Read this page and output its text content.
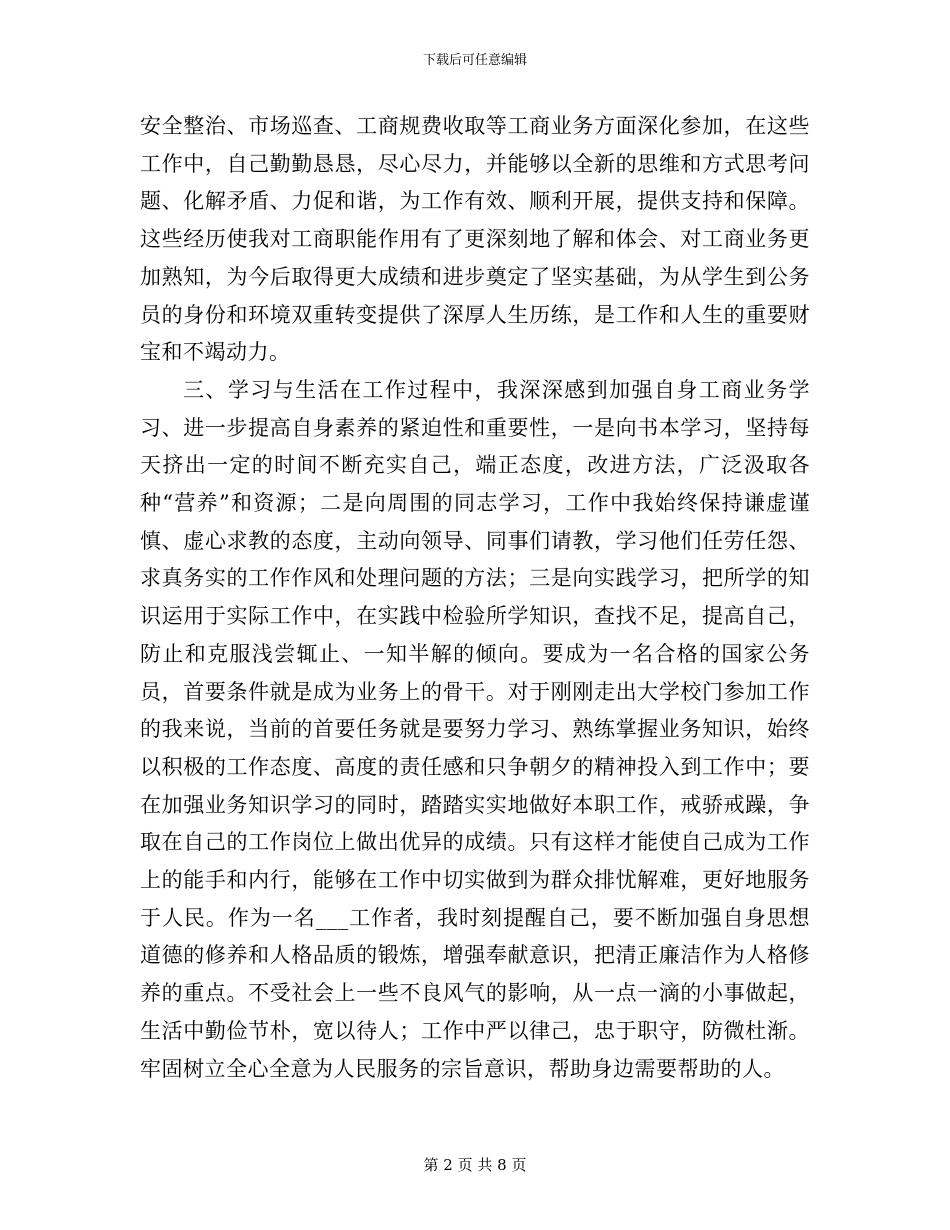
下载后可任意编辑

安全整治、市场巡查、工商规费收取等工商业务方面深化参加，在这些工作中，自己勤勤恳恳，尽心尽力，并能够以全新的思维和方式思考问题、化解矛盾、力促和谐，为工作有效、顺利开展，提供支持和保障。这些经历使我对工商职能作用有了更深刻地了解和体会、对工商业务更加熟知，为今后取得更大成绩和进步奠定了坚实基础，为从学生到公务员的身份和环境双重转变提供了深厚人生历练，是工作和人生的重要财宝和不竭动力。

三、学习与生活在工作过程中，我深深感到加强自身工商业务学习、进一步提高自身素养的紧迫性和重要性，一是向书本学习，坚持每天挤出一定的时间不断充实自己，端正态度，改进方法，广泛汲取各种“营养”和资源；二是向周围的同志学习，工作中我始终保持谦虚谨慎、虚心求教的态度，主动向领导、同事们请教，学习他们任劳任怨、求真务实的工作作风和处理问题的方法；三是向实践学习，把所学的知识运用于实际工作中，在实践中检验所学知识，查找不足，提高自己，防止和克服浅尝辄止、一知半解的倾向。要成为一名合格的国家公务员，首要条件就是成为业务上的骨干。对于刚刚走出大学校门参加工作的我来说，当前的首要任务就是要努力学习、熟练掌握业务知识，始终以积极的工作态度、高度的责任感和只争朝夕的精神投入到工作中；要在加强业务知识学习的同时，踏踏实实地做好本职工作，戒骄戒躁，争取在自己的工作岗位上做出优异的成绩。只有这样才能使自己成为工作上的能手和内行，能够在工作中切实做到为群众排忧解难，更好地服务于人民。作为一名___工作者，我时刻提醒自己，要不断加强自身思想道德的修养和人格品质的锻炼，增强奉献意识，把清正廉洁作为人格修养的重点。不受社会上一些不良风气的影响，从一点一滴的小事做起，生活中勤俭节朴，宽以待人；工作中严以律己，忠于职守，防微杜渐。牢固树立全心全意为人民服务的宗旨意识，帮助身边需要帮助的人。

第 2 页 共 8 页
